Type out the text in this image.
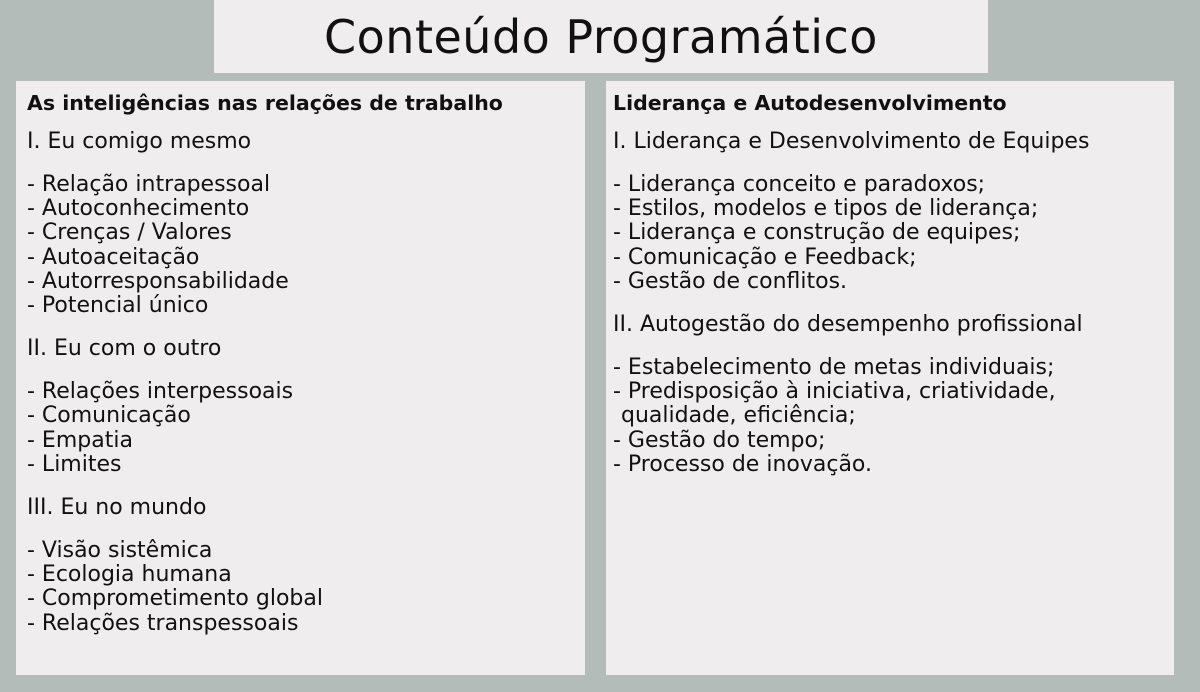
Conteúdo Programático
As inteligências nas relações de trabalho
I. Eu comigo mesmo
- Relação intrapessoal
- Autoconhecimento
- Crenças / Valores
- Autoaceitação
- Autorresponsabilidade
- Potencial único
II. Eu com o outro
- Relações interpessoais
- Comunicação
- Empatia
- Limites
III. Eu no mundo
- Visão sistêmica
- Ecologia humana
- Comprometimento global
- Relações transpessoais
Liderança e Autodesenvolvimento
I. Liderança e Desenvolvimento de Equipes
- Liderança conceito e paradoxos;
- Estilos, modelos e tipos de liderança;
- Liderança e construção de equipes;
- Comunicação e Feedback;
- Gestão de conflitos.
II. Autogestão do desempenho profissional
- Estabelecimento de metas individuais;
- Predisposição à iniciativa, criatividade,
qualidade, eficiência;
- Gestão do tempo;
- Processo de inovação.
